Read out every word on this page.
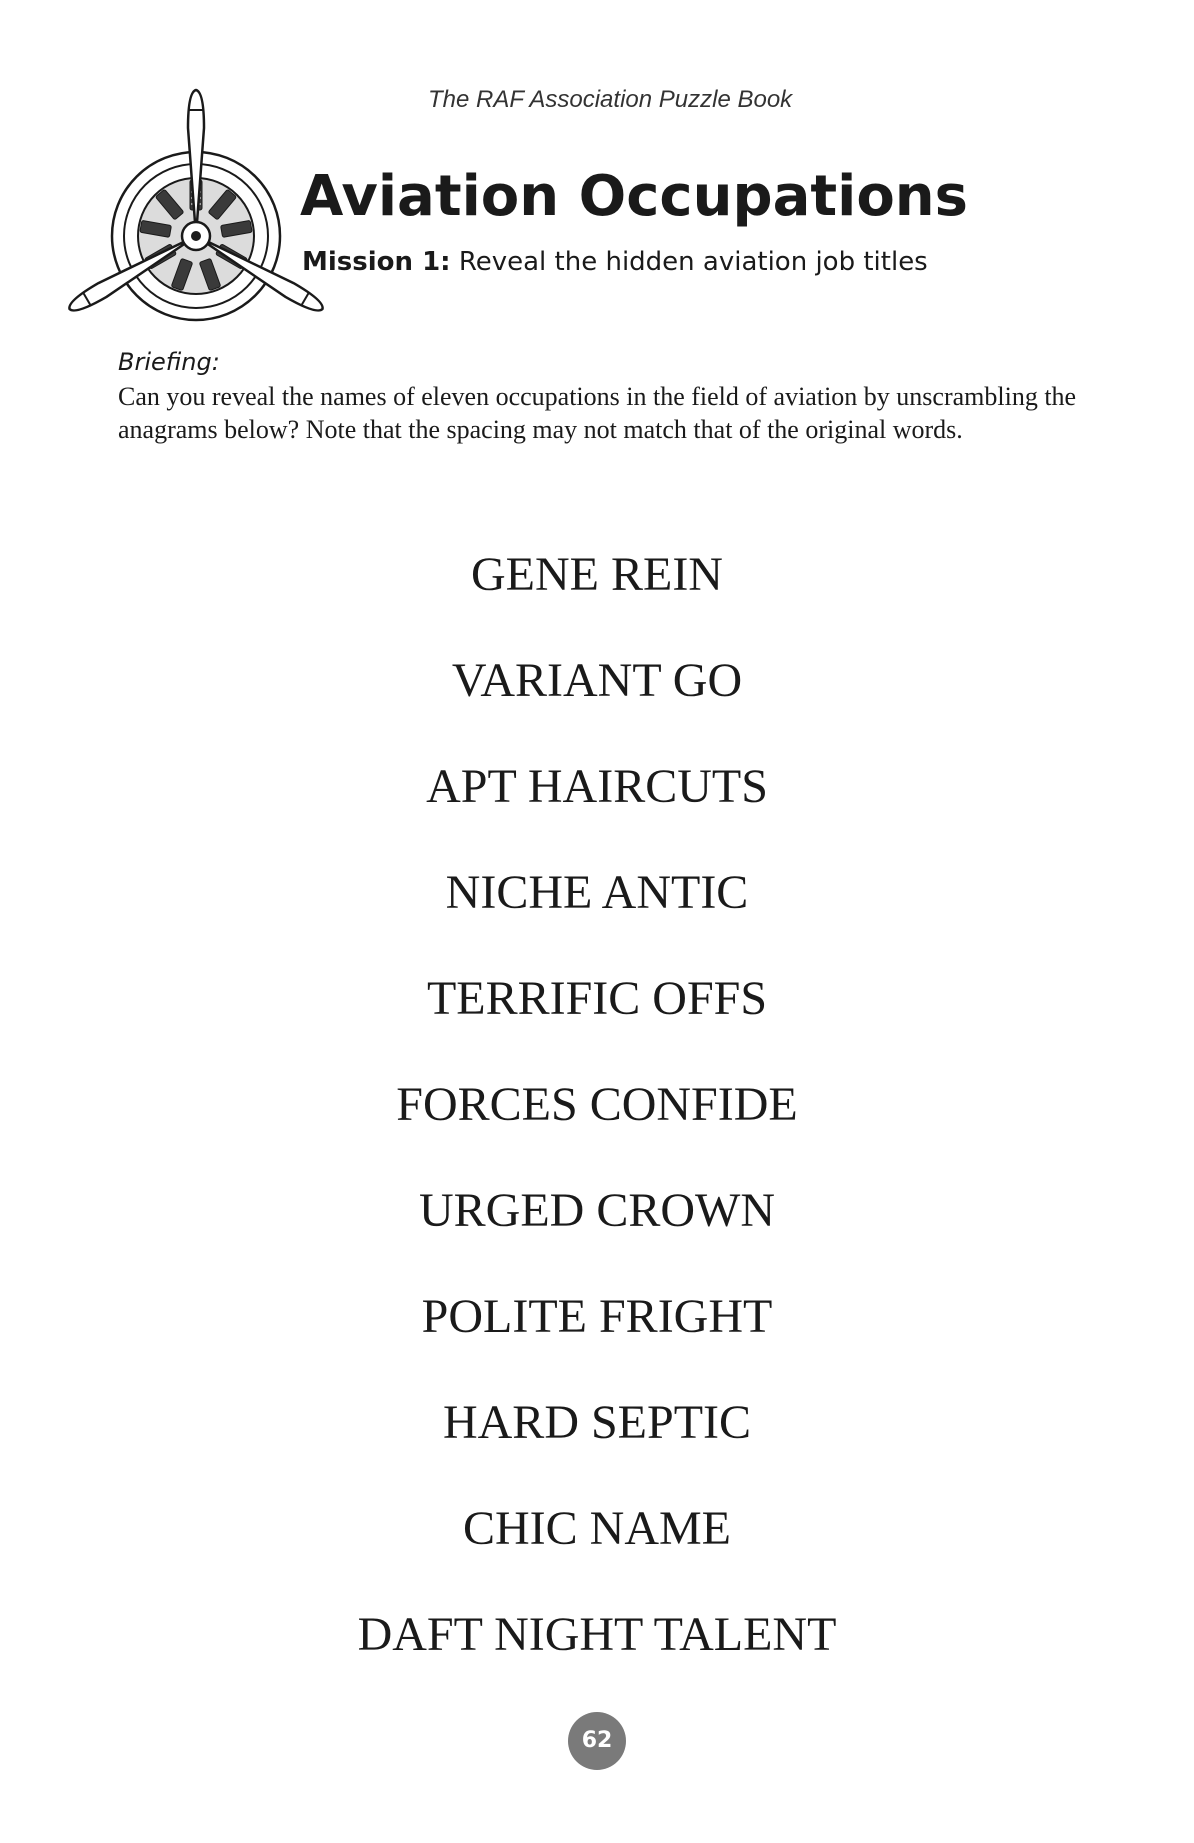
The RAF Association Puzzle Book
Aviation Occupations
Mission 1: Reveal the hidden aviation job titles
Briefing:
Can you reveal the names of eleven occupations in the field of aviation by unscrambling the anagrams below? Note that the spacing may not match that of the original words.
GENE REIN
VARIANT GO
APT HAIRCUTS
NICHE ANTIC
TERRIFIC OFFS
FORCES CONFIDE
URGED CROWN
POLITE FRIGHT
HARD SEPTIC
CHIC NAME
DAFT NIGHT TALENT
62
